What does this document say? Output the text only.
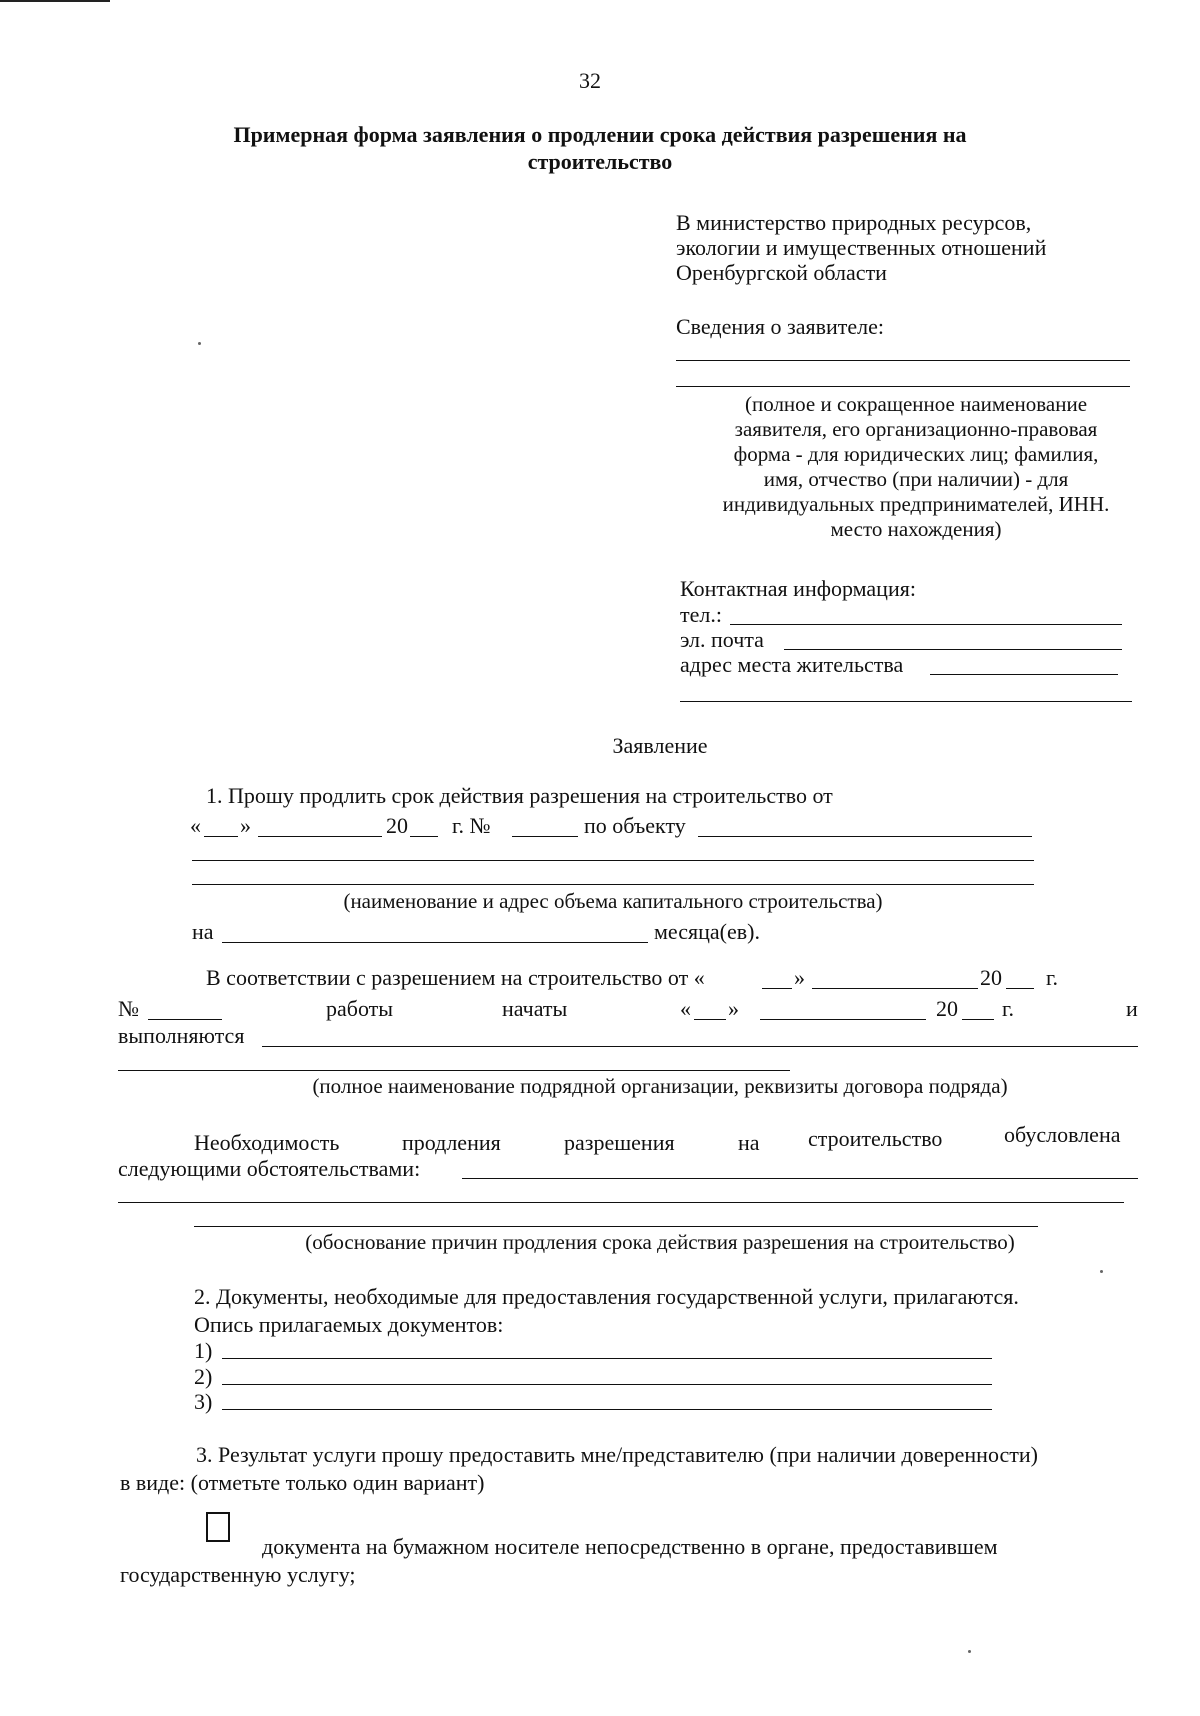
32
Примерная форма заявления о продлении срока действия разрешения на
строительство
В министерство природных ресурсов,
экологии и имущественных отношений
Оренбургской области
Сведения о заявителе:
(полное и сокращенное наименование
заявителя, его организационно-правовая
форма - для юридических лиц; фамилия,
имя, отчество (при наличии) - для
индивидуальных предпринимателей, ИНН.
место нахождения)
Контактная информация:
тел.:
эл. почта
адрес места жительства
Заявление
1. Прошу продлить срок действия разрешения на строительство от
« »	20 г. №	по объекту
(наименование и адрес объема капитального строительства)
на	месяца(ев).
В соответствии с разрешением на строительство от «	»	20 г.
№	работы	начаты	« »	20 г.	и
выполняются
(полное наименование подрядной организации, реквизиты договора подряда)
Необходимость	продления	разрешения	на строительство	обусловлена
следующими обстоятельствами:
(обоснование причин продления срока действия разрешения на строительство)
2. Документы, необходимые для предоставления государственной услуги, прилагаются.
Опись прилагаемых документов:
1)
2)
3)
3. Результат услуги прошу предоставить мне/представителю (при наличии доверенности)
в виде: (отметьте только один вариант)
документа на бумажном носителе непосредственно в органе, предоставившем
государственную услугу;
